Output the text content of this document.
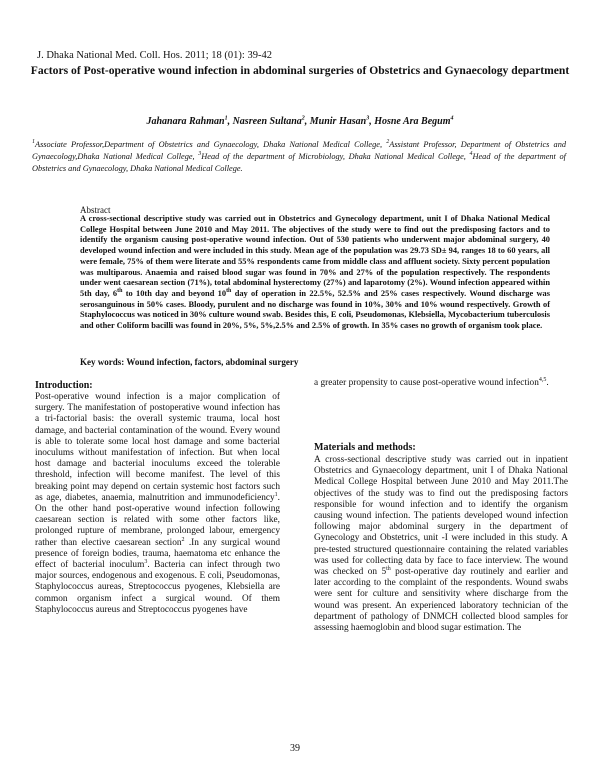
J. Dhaka National Med. Coll. Hos. 2011; 18 (01): 39-42
Factors of Post-operative wound infection in abdominal surgeries of Obstetrics and Gynaecology department
Jahanara Rahman$^1$, Nasreen Sultana$^2$, Munir Hasan$^3$, Hosne Ara Begum$^4$
$^1$Associate Professor,Department of Obstetrics and Gynaecology, Dhaka National Medical College, $^2$Assistant Professor, Department of Obstetrics and Gynaecology,Dhaka National Medical College, $^3$Head of the department of Microbiology, Dhaka National Medical College, $^4$Head of the department of Obstetrics and Gynaecology, Dhaka National Medical College.
Abstract
A cross-sectional descriptive study was carried out in Obstetrics and Gynecology department, unit I of Dhaka National Medical College Hospital between June 2010 and May 2011. The objectives of the study were to find out the predisposing factors and to identify the organism causing post-operative wound infection. Out of 530 patients who underwent major abdominal surgery, 40 developed wound infection and were included in this study. Mean age of the population was 29.73 SD± 94, ranges 18 to 60 years, all were female, 75% of them were literate and 55% respondents came from middle class and affluent society. Sixty percent population was multiparous. Anaemia and raised blood sugar was found in 70% and 27% of the population respectively. The respondents under went caesarean section (71%), total abdominal hysterectomy (27%) and laparotomy (2%). Wound infection appeared within 5th day, 6th to 10th day and beyond 10th day of operation in 22.5%, 52.5% and 25% cases respectively. Wound discharge was serosanguinous in 50% cases. Bloody, purulent and no discharge was found in 10%, 30% and 10% wound respectively. Growth of Staphylococcus was noticed in 30% culture wound swab. Besides this, E coli, Pseudomonas, Klebsiella, Mycobacterium tuberculosis and other Coliform bacilli was found in 20%, 5%, 5%,2.5% and 2.5% of growth. In 35% cases no growth of organism took place.
Key words: Wound infection, factors, abdominal surgery
Introduction:
Post-operative wound infection is a major complication of surgery. The manifestation of postoperative wound infection has a tri-factorial basis: the overall systemic trauma, local host damage, and bacterial contamination of the wound. Every wound is able to tolerate some local host damage and some bacterial inoculums without manifestation of infection. But when local host damage and bacterial inoculums exceed the tolerable threshold, infection will become manifest. The level of this breaking point may depend on certain systemic host factors such as age, diabetes, anaemia, malnutrition and immunodeficiency$^1$. On the other hand post-operative wound infection following caesarean section is related with some other factors like, prolonged rupture of membrane, prolonged labour, emergency rather than elective caesarean section$^2$ .In any surgical wound presence of foreign bodies, trauma, haematoma etc enhance the effect of bacterial inoculum$^3$. Bacteria can infect through two major sources, endogenous and exogenous. E coli, Pseudomonas, Staphylococcus aureas, Streptococcus pyogenes, Klebsiella are common organism infect a surgical wound. Of them Staphylococcus aureus and Streptococcus pyogenes have
a greater propensity to cause post-operative wound infection$^{4,5}$.
Materials and methods:
A cross-sectional descriptive study was carried out in inpatient Obstetrics and Gynaecology department, unit I of Dhaka National Medical College Hospital between June 2010 and May 2011.The objectives of the study was to find out the predisposing factors responsible for wound infection and to identify the organism causing wound infection. The patients developed wound infection following major abdominal surgery in the department of Gynecology and Obstetrics, unit -I were included in this study. A pre-tested structured questionnaire containing the related variables was used for collecting data by face to face interview. The wound was checked on 5th post-operative day routinely and earlier and later according to the complaint of the respondents. Wound swabs were sent for culture and sensitivity where discharge from the wound was present. An experienced laboratory technician of the department of pathology of DNMCH collected blood samples for assessing haemoglobin and blood sugar estimation. The
39
